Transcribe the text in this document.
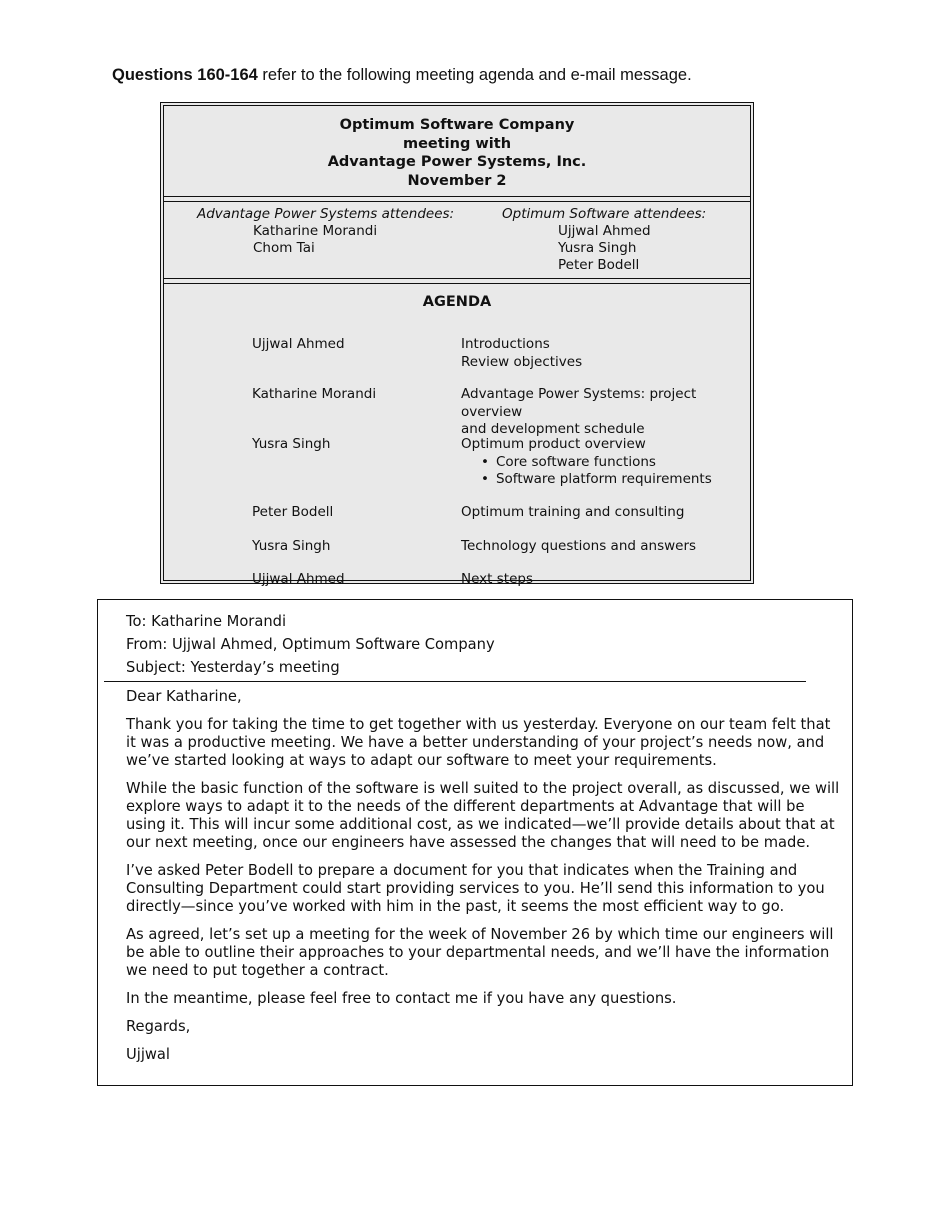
Questions 160-164 refer to the following meeting agenda and e-mail message.
Optimum Software Company
meeting with
Advantage Power Systems, Inc.
November 2
Advantage Power Systems attendees:
Katharine Morandi
Chom Tai
Optimum Software attendees:
Ujjwal Ahmed
Yusra Singh
Peter Bodell
AGENDA
Ujjwal Ahmed	Introductions
Review objectives
Katharine Morandi	Advantage Power Systems: project overview
and development schedule
Yusra Singh	Optimum product overview
• Core software functions
• Software platform requirements
Peter Bodell	Optimum training and consulting
Yusra Singh	Technology questions and answers
Ujjwal Ahmed	Next steps
To: Katharine Morandi
From: Ujjwal Ahmed, Optimum Software Company
Subject: Yesterday’s meeting

Dear Katharine,

Thank you for taking the time to get together with us yesterday. Everyone on our team felt that it was a productive meeting. We have a better understanding of your project’s needs now, and we’ve started looking at ways to adapt our software to meet your requirements.

While the basic function of the software is well suited to the project overall, as discussed, we will explore ways to adapt it to the needs of the different departments at Advantage that will be using it. This will incur some additional cost, as we indicated—we’ll provide details about that at our next meeting, once our engineers have assessed the changes that will need to be made.

I’ve asked Peter Bodell to prepare a document for you that indicates when the Training and Consulting Department could start providing services to you. He’ll send this information to you directly—since you’ve worked with him in the past, it seems the most efficient way to go.

As agreed, let’s set up a meeting for the week of November 26 by which time our engineers will be able to outline their approaches to your departmental needs, and we’ll have the information we need to put together a contract.

In the meantime, please feel free to contact me if you have any questions.

Regards,

Ujjwal
